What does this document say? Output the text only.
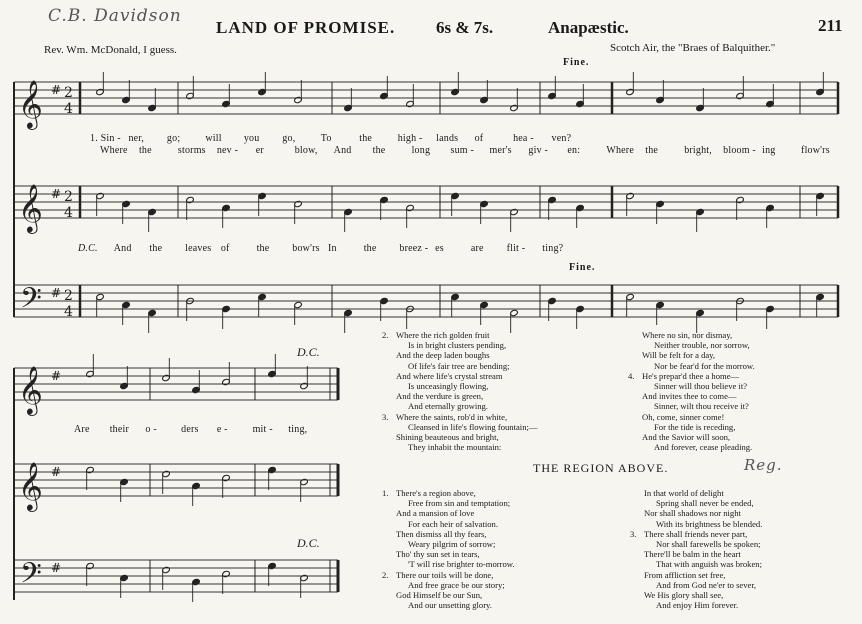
C.B. Davidson
LAND OF PROMISE. 6s & 7s.	Anapæstic.	211
Rev. Wm. McDonald, I guess.	Scotch Air, the "Braes of Balquither."
Fine.
Fine.
D.C.
D.C.
𝄞 # 2
4
𝄞 # 2
4
𝄢 # 2
4
𝄞 #
𝄞 #
𝄢 #
1. Sin - ner, go;	will you go,	To	the	high - lands of	hea - ven?
Where the	storms nev - er	blow, And the	long sum - mer's giv - en:	Where the	bright, bloom - ing	flow'rs
D.C. And the leaves of	the bow'rs In	the breez - es	are flit - ting?
Are their o - ders e - mit - ting,
2. Where the rich golden fruit
Is in bright clusters pending,
And the deep laden boughs
Of life's fair tree are bending;
And where life's crystal stream
Is unceasingly flowing,
And the verdure is green,
And eternally growing.
3. Where the saints, rob'd in white,
Cleansed in life's flowing fountain;—
Shining beauteous and bright,
They inhabit the mountain:
Where no sin, nor dismay,
Neither trouble, nor sorrow,
Will be felt for a day,
Nor be fear'd for the morrow.
4. He's prepar'd thee a home—
Sinner will thou believe it?
And invites thee to come—
Sinner, wilt thou receive it?
Oh, come, sinner come!
For the tide is receding,
And the Savior will soon,
And forever, cease pleading.
THE REGION ABOVE.	Reg.
1. There's a region above,
Free from sin and temptation;
And a mansion of love
For each heir of salvation.
Then dismiss all thy fears,
Weary pilgrim of sorrow;
Tho' thy sun set in tears,
'T will rise brighter to-morrow.
2. There our toils will be done,
And free grace be our story;
God Himself be our Sun,
And our unsetting glory.
In that world of delight
Spring shall never be ended,
Nor shall shadows nor night
With its brightness be blended.
3. There shall friends never part,
Nor shall farewells be spoken;
There'll be balm in the heart
That with anguish was broken;
From affliction set free,
And from God ne'er to sever,
We His glory shall see,
And enjoy Him forever.
